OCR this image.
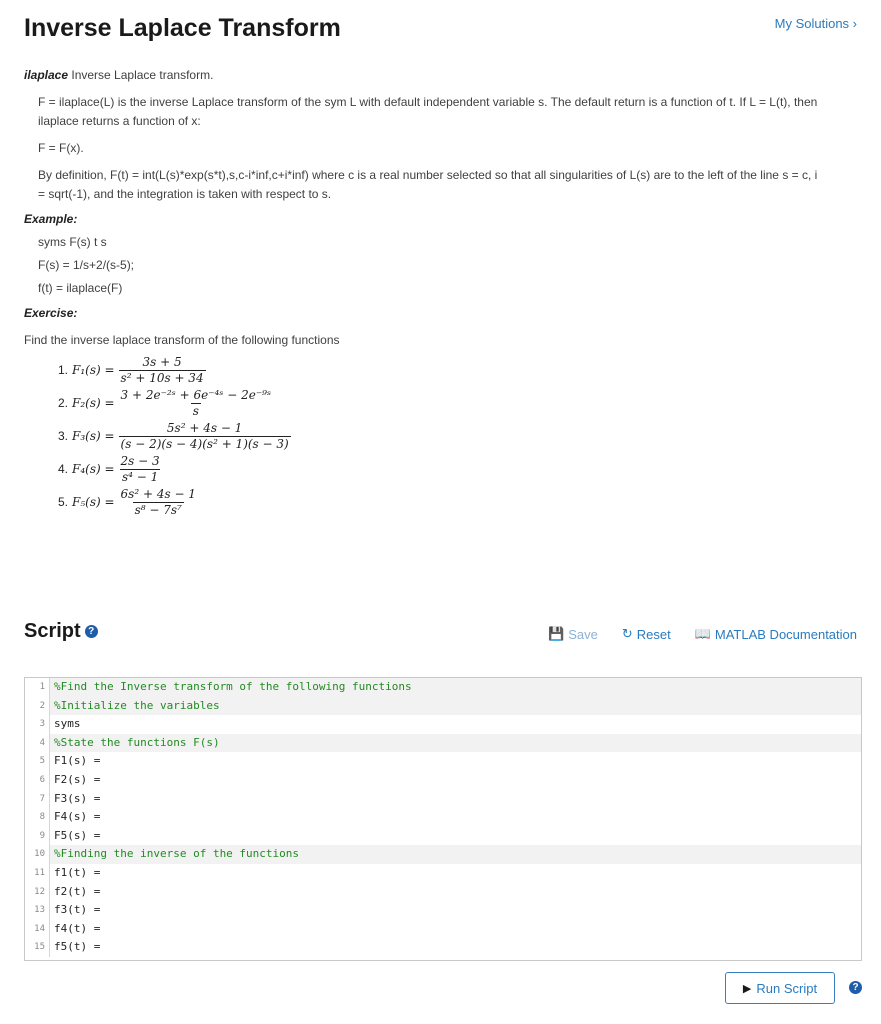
Inverse Laplace Transform	My Solutions ›

ilaplace Inverse Laplace transform.

F = ilaplace(L) is the inverse Laplace transform of the sym L with default independent variable s. The default return is a function of t. If L = L(t), then ilaplace returns a function of x:

F = F(x).

By definition, F(t) = int(L(s)*exp(s*t),s,c-i*inf,c+i*inf) where c is a real number selected so that all singularities of L(s) are to the left of the line s = c, i = sqrt(-1), and the integration is taken with respect to s.

Example:

syms F(s) t s

F(s) = 1/s+2/(s-5);

f(t) = ilaplace(F)

Exercise:

Find the inverse laplace transform of the following functions

1. $F_1(s) = \frac{3s + 5}{\text{s² + 10s + 34}}$
2. $F_2(s) = \frac{\text{3 + 2e⁻²ˢ + 6e⁻⁴ˢ − 2e⁻⁹ˢ}}{s}$
3. $F_3(s) = \frac{\text{5s² + 4s − 1}}{\text{(s − 2)(s − 4)(s² + 1)(s − 3)}}$
4. $F_4(s) = \frac{2s - 3}{\text{s⁴ − 1}}$
5. $F_5(s) = \frac{\text{6s² + 4s − 1}}{\text{s⁸ − 7s⁷}}$
Script ?	💾 Save ↻ Reset 📖 MATLAB Documentation
1 %Find the Inverse transform of the following functions
2 %Initialize the variables
3 syms
4 %State the functions F(s)
5 F1(s) =
6 F2(s) =
7 F3(s) =
8 F4(s) =
9 F5(s) =
10 %Finding the inverse of the functions
11 f1(t) =
12 f2(t) =
13 f3(t) =
14 f4(t) =
15 f5(t) =
▶ Run Script	?
